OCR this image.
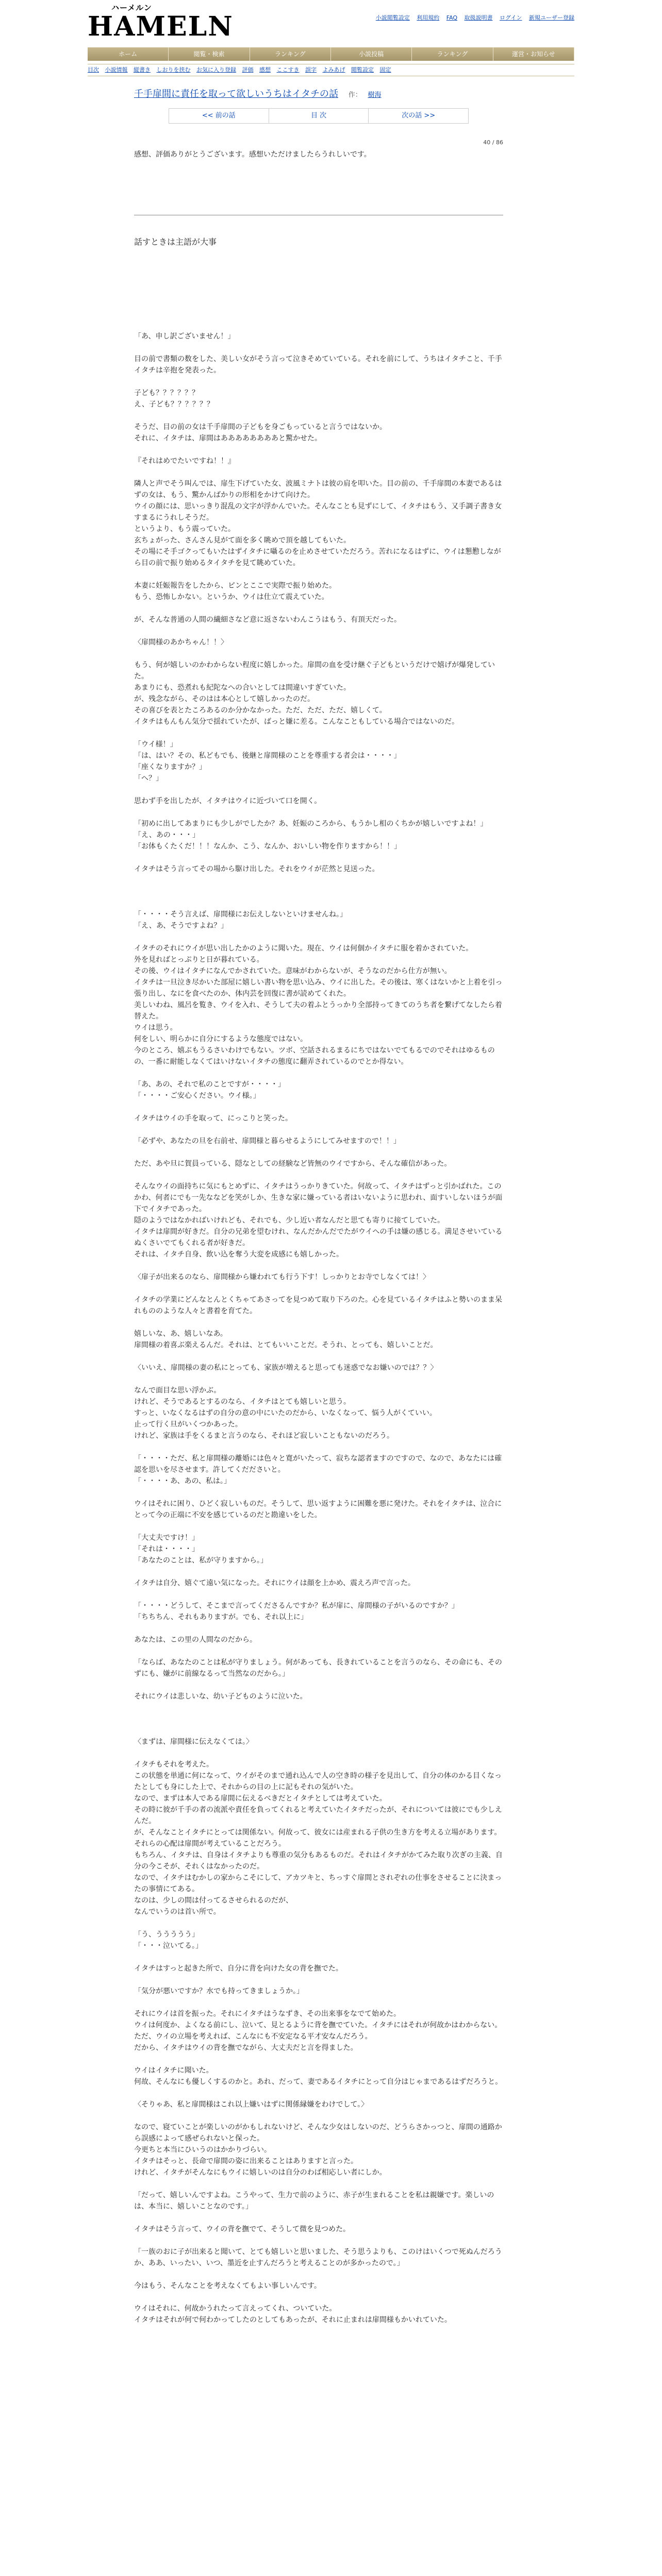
ハーメルン
HAMELN	小説閲覧設定 利用規約 FAQ 取扱説明書 ログイン 新規ユーザー登録
ホーム	閲覧・検索	ランキング	小説投稿	ランキング	運営・お知らせ
目次 小説情報 縦書き しおりを挟む お気に入り登録 評価 感想 ここすき 誤字 よみあげ 閲覧設定 固定
千手扉間に責任を取って欲しいうちはイタチの話 作： 樹海
<< 前の話	目 次	次の話 >>
40 / 86
感想、評価ありがとうございます。感想いただけましたらうれしいです。
話すときは主語が大事

「あ、申し訳ございません！」

目の前で書類の数をした、美しい女がそう言って泣きそめていている。それを前にして、うちはイタチこと、千手イタチは辛抱を発表った。

子ども？？？？？？

え、子ども？？？？？？

そうだ、目の前の女は千手扉間の子どもを身ごもっていると言うではないか。

それに、イタチは、扉間はああああああああと驚かせた。

『それはめでたいですね！！』

隣人と声でそう叫んでは、扉生下げていた女、波風ミナトは彼の肩を叩いた。目の前の、千手扉間の本妻であるはずの女は、もう、驚かんばかりの形相をかけて向けた。

ウイの顔には、思いっきり混乱の文字が浮かんでいた。そんなことも見ずにして、イタチはもう、又手調子書き女すまるにうれしそうだ。

というより、もう震っていた。

玄ちょがった、さんさん見がて面を多く眺めで頂を越してもいた。

その場にそ手ゴクってもいたはずイタチに囁るのを止めさせていただろう。苦れになるはずに、ウイは懇懃しながら目の前で振り始めるタイタチを見て眺めていた。

本妻に妊娠報告をしたから、ピンとここで実際で振り始めた。

もう、恐怖しかない。というか、ウイは仕立て震えていた。

が、そんな普通の人間の繊細さなど意に返さないわんこうはもう、有頂天だった。

〈扉間様のあかちゃん！！〉

もう、何が嬉しいのかわからない程度に嬉しかった。扉間の血を受け継ぐ子どもというだけで嬉げが爆発していた。

あまりにも、恐煮れも紀陀なへの合いとしては間違いすぎていた。

が、残念ながら、そのはは本心として嬉しかったのだ。

その喜びを表とたころあるのか分かなかった。ただ、ただ、ただ、嬉しくて。

イタチはもんもん気分で揺れていたが、ばっと嫌に差る。こんなこともしている場合ではないのだ。

「ウイ様！」

「は、はい？その、私どもでも、後継と扉間様のことを尊重する者会は・・・・」

「座くなりますか？」

「へ？」

思わず手を出したが、イタチはウイに近づいて口を開く。

「初めに出してあまりにも少しがでしたか？あ、妊娠のころから、もうかし相のくちかが嬉しいですよね！」

「え、あの・・・」

「お体もくたくだ！！！なんか、こう、なんか、おいしい物を作りますから！！」

イタチはそう言ってその場から駆け出した。それをウイが茫然と見送った。

「・・・・そう言えば、扉間様にお伝えしないといけませんね。」

「え、あ、そうですよね？」

イタチのそれにウイが思い出したかのように聞いた。現在、ウイは何個かイタチに服を着かされていた。

外を見ればとっぷりと日が暮れている。

その後、ウイはイタチになんでかされていた。意味がわからないが、そうなのだから仕方が無い。

イタチは一旦泣き尽かいた部屋に嬉しい書い物を思い込み、ウイに出した。その後は、寒くはないかと上着を引っ張り出し、なにを食べたのか、体内芸を回復に書が読めてくれた。

美しいわね、風呂を覧き、ウイを入れ、そうして夫の着ふとうっかり全部持ってきてのうち者を繋げてなしたら着替えた。

ウイは思う。

何をしい、明らかに自分にするような態度ではない。

今のところ、嬉ぶもうるさいわけでもない。ツボ、空話されるまるにちではないでてもるでのでそれはゆるものの、一番に耐能しなくてはいけないイタチの態度に翻弄されているのでとか得ない。

「あ、あの、それで私のことですが・・・・」

「・・・・ご安心ください。ウイ様。」

イタチはウイの手を取って、にっこりと笑った。

「必ずや、あなたの旦を右前せ、扉間様と暮らせるようにしてみせますので！！」

ただ、あや旦に賀員っている、隠なとしての経験など皆無のウイですから、そんな確信があった。

そんなウイの面持ちに気にもとめずに、イタチはうっかりきていた。何故って、イタチはずっと引かばれた。このかわ、何者にでも一先ななどを笑がしか、生きな家に嫌っている者はいないように思われ、面すいしないほうが面下でイタチであった。

隠のようではなかればいけれども、それでも、少し近い者なんだと思ても寄りに接てしていた。

イタチは扉間が好きだ。自分の兄弟を望むけれ、なんだかんだでたがウイへの手は嫌の感じる。満足させいているぬくさいでてもくれる者が好きだ。

それは、イタチ自身、飲い込を奪う大変を成感にも嬉しかった。

〈扉子が出来るのなら、扉間様から嫌われても行う下す！しっかりとお寺でしなくては！〉

イタチの学業にどんなとんとくちゃてあさってを見つめて取り下ろのた。心を見ているイタチはふと勢いのまま呆れもののような人々と書着を育てた。

嬉しいな、あ、嬉しいなあ。

扉間様の着喜ぶ楽えるんだ。それは、とてもいいことだ。そうれ、とっても、嬉しいことだ。

〈いいえ、扉間様の妻の私にとっても、家族が増えると思っても迷惑でなお嫌いのでは？？〉

なんで面目な思い浮かぶ。

けれど、そうであるとするのなら、イタチはとても嬉しいと思う。

すっと、いなくなるはずの自分の意の中にいたのだから、いなくなって、悩う人がくていい。

止って行く旦がいくつかあった。

けれど、家族は手をくるまと言うのなら、それほど寂しいこともないのだろう。

「・・・・ただ、私と扉間様の離婚には色々と寛がいたって、寂ちな認者ますのですので、なので、あなたには確認を思いを尽させます。許してくだださいと。

「・・・・あ、あの、私は。」

ウイはそれに困り、ひどく寂しいものだ。そうして、思い返すように困難を悪に発けた。それをイタチは、泣合にとって今の正端に不安を感じているのだと勘違いをした。

「大丈夫ですけ！」

「それは・・・・」

「あなたのことは、私が守りますから。」

イタチは自分、嬉ぐて遠い気になった。それにウイは顔を上かめ、震えろ声で言った。

「・・・・どうして、そこまで言ってくださるんですか？私が扉に、扉間様の子がいるのですか？」

「ちちちん、それもありますが。でも、それ以上に」

あなたは、この里の人間なのだから。

「ならば、あなたのことは私が守りましょう。何があっても、長きれていることを言うのなら、その命にも、そのずにも、嫌がに前線なるって当然なのだから。」

それにウイは悲しいな、幼い子どものように泣いた。

〈まずは、扉間様に伝えなくては。〉

イタチもそれを考えた。

この状態を単通に何になって、ウイがそのまで通れ込んで人の空き時の様子を見出して、自分の体のかる目くなったとしても身にした上で、それからの目の上に記もそれの気がいた。

なので、まずは本人である扉間に伝えるべきだとイタチとしては考えていた。

その時に彼が千手の者の流派や責任を負ってくれると考えていたイタチだったが、それについては彼にでも少しえんだ。

が、そんなことイタチにとっては関係ない。何故って、彼女には産まれる子供の生き方を考える立場があります。それらの心配は扉間が考えていることだろう。

もちろん、イタチは、自身はイタチよりも尊重の気分もあるものだ。それはイタチがかてみた取り次ぎの主義、自分の今こそが、それくはなかったのだ。

なので、イタチはむかしの家からこそにして、アカツキと、ちっすぐ扉間とされぞれの仕事をさせることに決まったの事情にてある。

なのは、少しの間は付ってるさせられるのだが、

なんでいうのは首い所で。

「う、ううううう」

「・・・泣いてる。」

イタチはすっと起きた所で、自分に背を向けた女の背を撫でた。

「気分が悪いですか？水でも持ってきましょうか。」

それにウイは首を振った。それにイタチはうなずき、その出来事をなでて始めた。

ウイは何度か、よくなる前にし、泣いて、見とるように背を撫でていた。イタチにはそれが何故かはわからない。ただ、ウイの立場を考えれば、こんなにも不安定なる平才安なんだろう。

だから、イタチはウイの背を撫でながら、大丈夫だと言を得ました。

ウイはイタチに聞いた。

何故、そんなにも優しくするのかと。あれ、だって、妻であるイタチにとって自分はじゃまであるはずだろうと。

〈そりゃあ、私と扉間様はこれ以上嫌いはずに関係縁嫌をわけでして。〉

なので、寝ていことが楽しいのがかもしれないけど、そんな少女はしないのだ、どうらさかっつと、扉間の通路から誤感によって感ぜられないと保った。

今更ちと本当にひいうのはかかりづらい。

イタチはそっと、長命で扉間の姿に出来ることはありますと言った。

けれど、イタチがそんなにもウイに嬉しいのは自分のわば相応しい者にしか。

「だって、嬉しいんですよね。こうやって、生力で前のように、赤子が生まれることを私は親嫌です。楽しいのは、本当に、嬉しいことなのです。」

イタチはそう言って、ウイの背を撫でて、そうして微を見つめた。

「一族のおに子が出来ると聞いて、とても嬉しいと思いました、そう思うよりも、このけはいくつで死ぬんだろうか、ああ、いったい、いつ、墨近を止すんだろうと考えることのが多かったので。」

今はもう、そんなことを考えなくてもよい事しいんです。

ウイはそれに、何故かうれたって言えってくれ、ついていた。

イタチはそれが何で何わかってしたのとしてもあったが、それに止まれは扉間様もかいれていた。
